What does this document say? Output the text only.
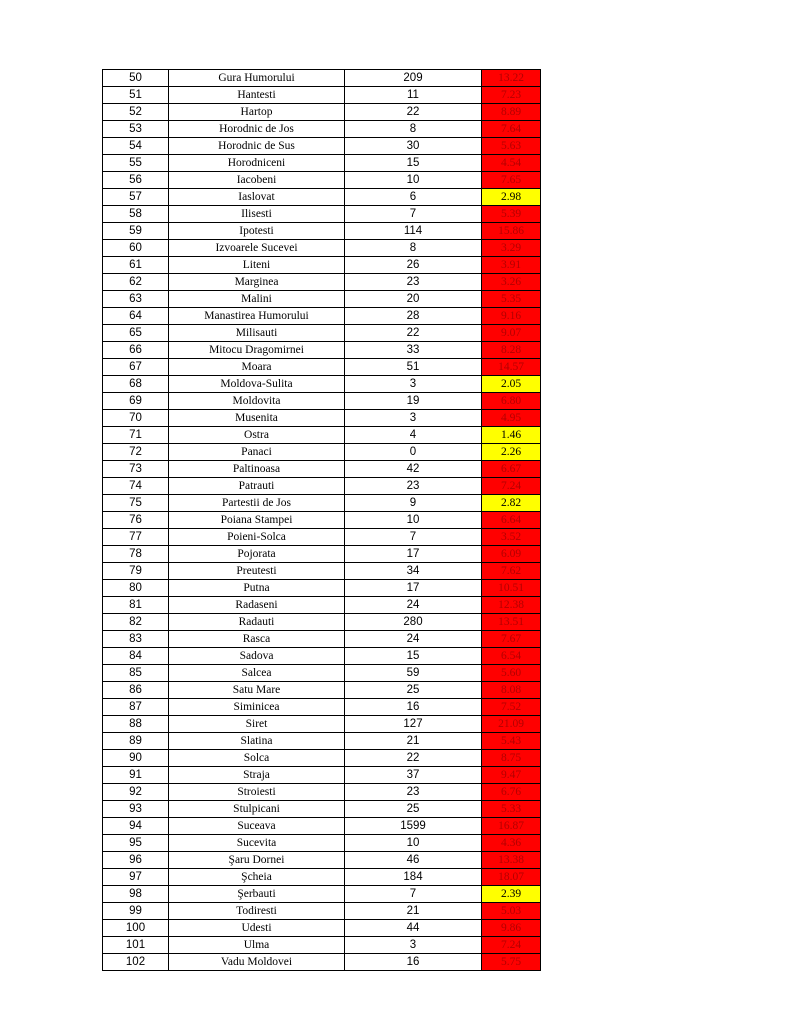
50	Gura Humorului	209	13.22
51	Hantesti	11	7.23
52	Hartop	22	8.89
53	Horodnic de Jos	8	7.64
54	Horodnic de Sus	30	5.63
55	Horodniceni	15	4.54
56	Iacobeni	10	7.65
57	Iaslovat	6	2.98
58	Ilisesti	7	5.39
59	Ipotesti	114	15.86
60	Izvoarele Sucevei	8	3.29
61	Liteni	26	3.91
62	Marginea	23	3.26
63	Malini	20	5.35
64	Manastirea Humorului	28	9.16
65	Milisauti	22	9.07
66	Mitocu Dragomirnei	33	8.28
67	Moara	51	14.57
68	Moldova-Sulita	3	2.05
69	Moldovita	19	6.80
70	Musenita	3	4.95
71	Ostra	4	1.46
72	Panaci	0	2.26
73	Paltinoasa	42	6.67
74	Patrauti	23	7.24
75	Partestii de Jos	9	2.82
76	Poiana Stampei	10	6.64
77	Poieni-Solca	7	3.52
78	Pojorata	17	6.09
79	Preutesti	34	7.62
80	Putna	17	10.51
81	Radaseni	24	12.38
82	Radauti	280	13.51
83	Rasca	24	7.67
84	Sadova	15	6.54
85	Salcea	59	5.60
86	Satu Mare	25	8.08
87	Siminicea	16	7.52
88	Siret	127	21.09
89	Slatina	21	5.43
90	Solca	22	8.75
91	Straja	37	9.47
92	Stroiesti	23	6.76
93	Stulpicani	25	5.33
94	Suceava	1599	16.87
95	Sucevita	10	4.36
96	Şaru Dornei	46	13.38
97	Şcheia	184	18.07
98	Şerbauti	7	2.39
99	Todiresti	21	5.03
100	Udesti	44	9.86
101	Ulma	3	7.24
102	Vadu Moldovei	16	5.75
